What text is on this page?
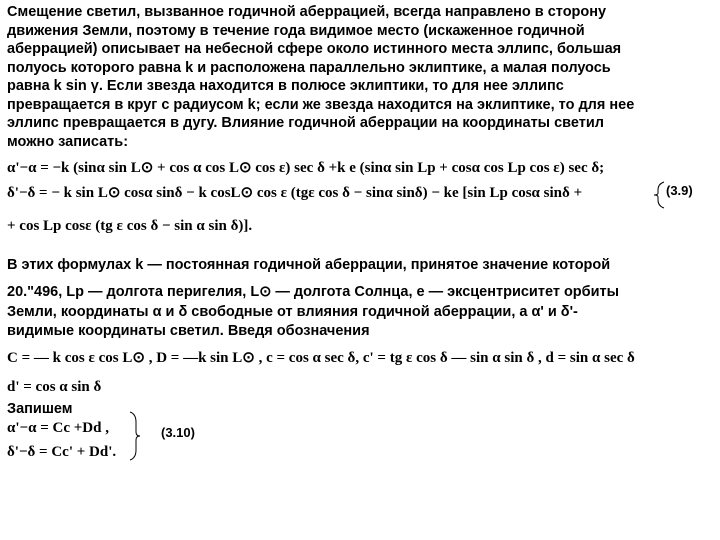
Смещение светил, вызванное годичной аберрацией, всегда направлено в сторону
движения Земли, поэтому в течение года видимое место (искаженное годичной
аберрацией) описывает на небесной сфере около истинного места эллипс, большая
полуось которого равна k и расположена параллельно эклиптике, а малая полуось
равна k sin γ. Если звезда находится в полюсе эклиптики, то для нее эллипс
превращается в круг с радиусом k; если же звезда находится на эклиптике, то для нее
эллипс превращается в дугу. Влияние годичной аберрации на координаты светил
можно записать:
α'−α = −k (sinα sin L⊙ + cos α cos L⊙ cos ε) sec δ +k e (sinα sin Lp + cosα cos Lp cos ε) sec δ;
δ'−δ = − k sin L⊙ cosα sinδ − k cosL⊙ cos ε (tgε cos δ − sinα sinδ) − ke [sin Lp cosα sinδ +	(3.9)
+ cos Lp cosε (tg ε cos δ − sin α sin δ)].
В этих формулах k — постоянная годичной аберрации, принятое значение которой
20."496, Lp — долгота перигелия, L⊙ — долгота Солнца, e — эксцентриситет орбиты
Земли, координаты α и δ свободные от влияния годичной аберрации, а α' и δ'-
видимые координаты светил. Введя обозначения
C = — k cos ε cos L⊙ , D = —k sin L⊙ , c = cos α sec δ, c' = tg ε cos δ — sin α sin δ , d = sin α sec δ
d' = cos α sin δ
Запишем
α'−α = Cc +Dd ,
δ'−δ = Cc' + Dd'.
(3.10)
